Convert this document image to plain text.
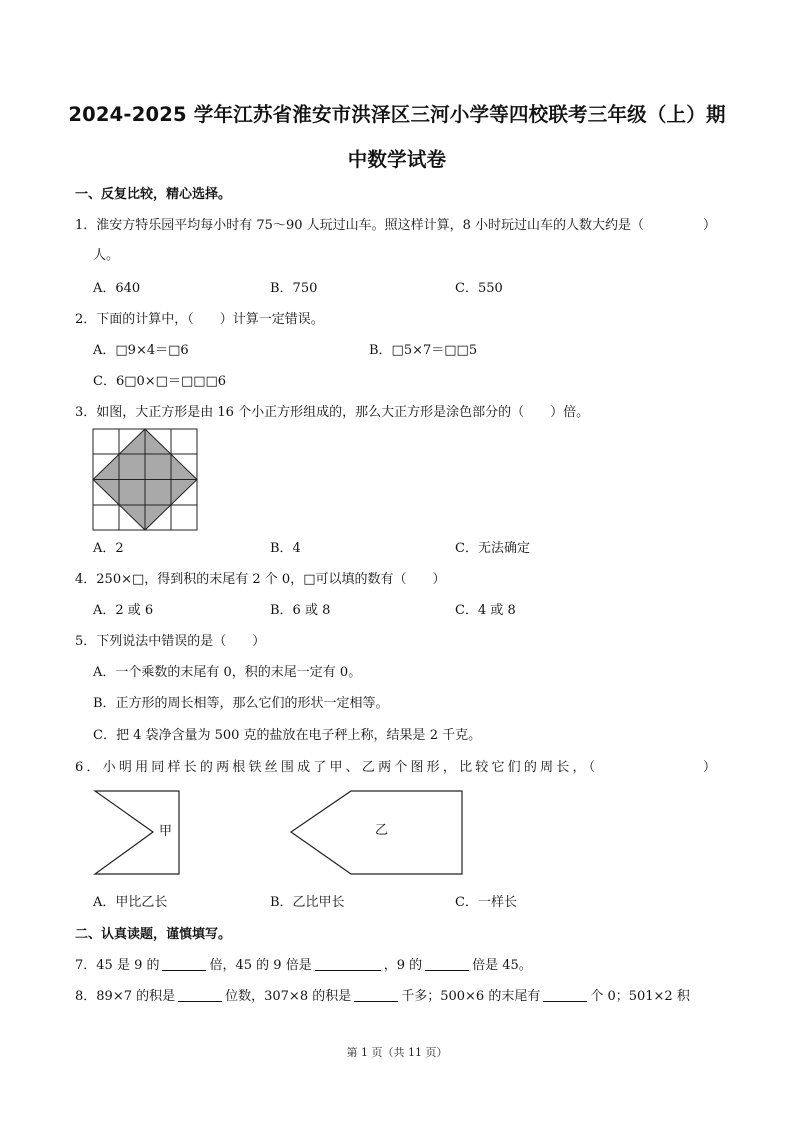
2024-2025 学年江苏省淮安市洪泽区三河小学等四校联考三年级（上）期
中数学试卷
一、反复比较，精心选择。
1．淮安方特乐园平均每小时有 75～90 人玩过山车。照这样计算，8 小时玩过山车的人数大约是（	）
人。
A．640	B．750	C．550
2．下面的计算中，（　　）计算一定错误。
A．□9×4＝□6	B．□5×7＝□□5
C．6□0×□＝□□□6
3．如图，大正方形是由 16 个小正方形组成的，那么大正方形是涂色部分的（　　）倍。
A．2	B．4	C．无法确定
4．250×□，得到积的末尾有 2 个 0，□可以填的数有（　　）
A．2 或 6	B．6 或 8	C．4 或 8
5．下列说法中错误的是（　　）
A．一个乘数的末尾有 0，积的末尾一定有 0。
B．正方形的周长相等，那么它们的形状一定相等。
C．把 4 袋净含量为 500 克的盐放在电子秤上称，结果是 2 千克。
6．小明用同样长的两根铁丝围成了甲、乙两个图形，比较它们的周长，（	）
甲	乙
A．甲比乙长	B．乙比甲长	C．一样长
二、认真读题，谨慎填写。
7．45 是 9 的	倍，45 的 9 倍是	，9 的	倍是 45。
8．89×7 的积是	位数，307×8 的积是	千多；500×6 的末尾有	个 0；501×2 积
第 1 页（共 11 页）
